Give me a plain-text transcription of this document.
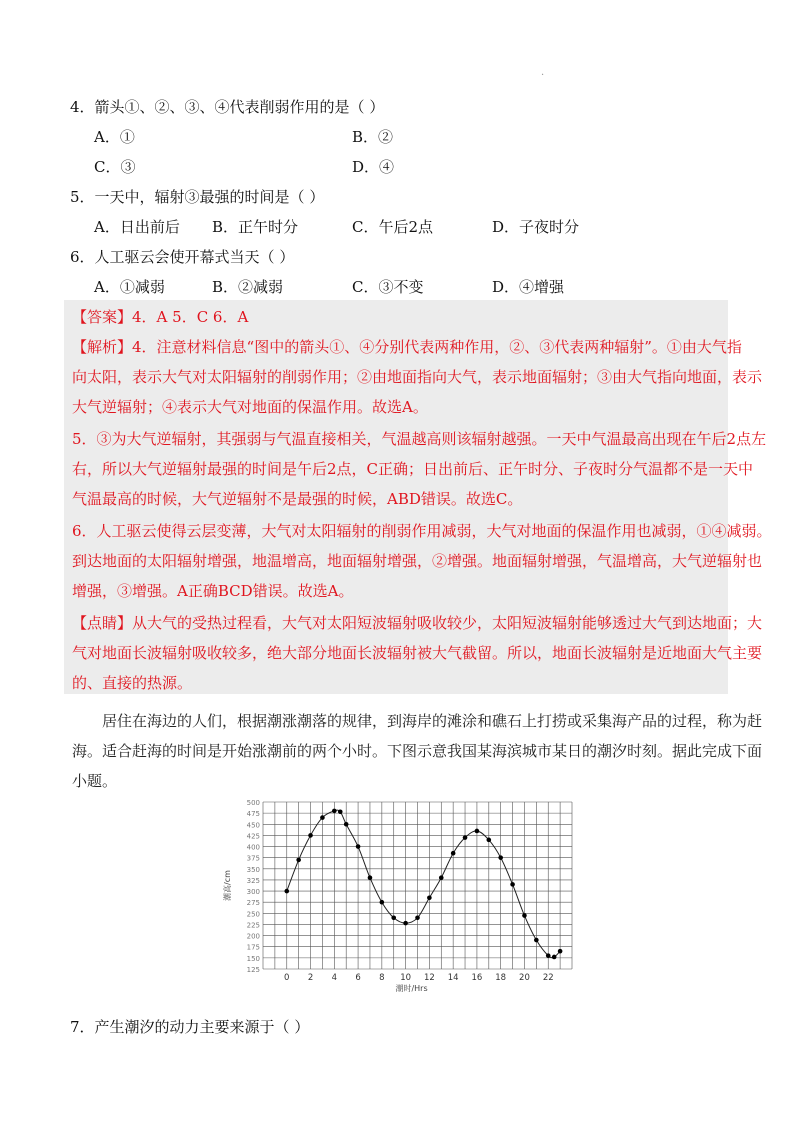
·
4．箭头①、②、③、④代表削弱作用的是（ ）
A．①	B．②
C．③	D．④
5．一天中，辐射③最强的时间是（ ）
A．日出前后 B．正午时分	C．午后2点	D．子夜时分
6．人工驱云会使开幕式当天（ ）
A．①减弱	B．②减弱	C．③不变	D．④增强
【答案】4．A 5．C 6．A
【解析】4．注意材料信息“图中的箭头①、④分别代表两种作用，②、③代表两种辐射”。①由大气指
向太阳，表示大气对太阳辐射的削弱作用；②由地面指向大气，表示地面辐射；③由大气指向地面，表示
大气逆辐射；④表示大气对地面的保温作用。故选A。
5．③为大气逆辐射，其强弱与气温直接相关，气温越高则该辐射越强。一天中气温最高出现在午后2点左
右，所以大气逆辐射最强的时间是午后2点，C正确；日出前后、正午时分、子夜时分气温都不是一天中
气温最高的时候，大气逆辐射不是最强的时候，ABD错误。故选C。
6．人工驱云使得云层变薄，大气对太阳辐射的削弱作用减弱，大气对地面的保温作用也减弱，①④减弱。
到达地面的太阳辐射增强，地温增高，地面辐射增强，②增强。地面辐射增强，气温增高，大气逆辐射也
增强，③增强。A正确BCD错误。故选A。
【点睛】从大气的受热过程看，大气对太阳短波辐射吸收较少，太阳短波辐射能够透过大气到达地面；大
气对地面长波辐射吸收较多，绝大部分地面长波辐射被大气截留。所以，地面长波辐射是近地面大气主要
的、直接的热源。
　　居住在海边的人们，根据潮涨潮落的规律，到海岸的滩涂和礁石上打捞或采集海产品的过程，称为赶
海。适合赶海的时间是开始涨潮前的两个小时。下图示意我国某海滨城市某日的潮汐时刻。据此完成下面
小题。
0 2 4 6 8 10 12 14 16 18 20 22
125
150
175
200
225
250
275
300
325
350
375
400
425
450
475
500
潮时/Hrs
潮高/cm
7．产生潮汐的动力主要来源于（ ）
